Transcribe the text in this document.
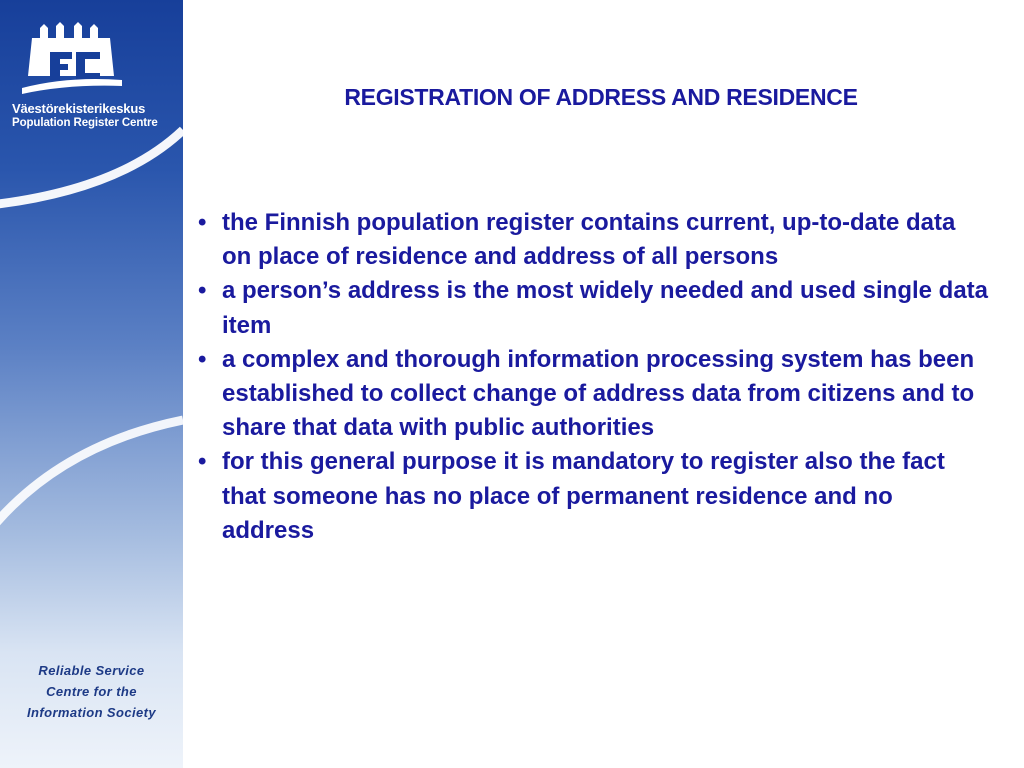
Väestörekisterikeskus
Population Register Centre
Reliable Service
Centre for the
Information Society
REGISTRATION OF ADDRESS AND RESIDENCE
• the Finnish population register contains current, up-to-date data on place of residence and address of all persons
• a person’s address is the most widely needed and used single data item
• a complex and thorough information processing system has been established to collect change of address data from citizens and to share that data with public authorities
• for this general purpose it is mandatory to register also the fact that someone has no place of permanent residence and no address
